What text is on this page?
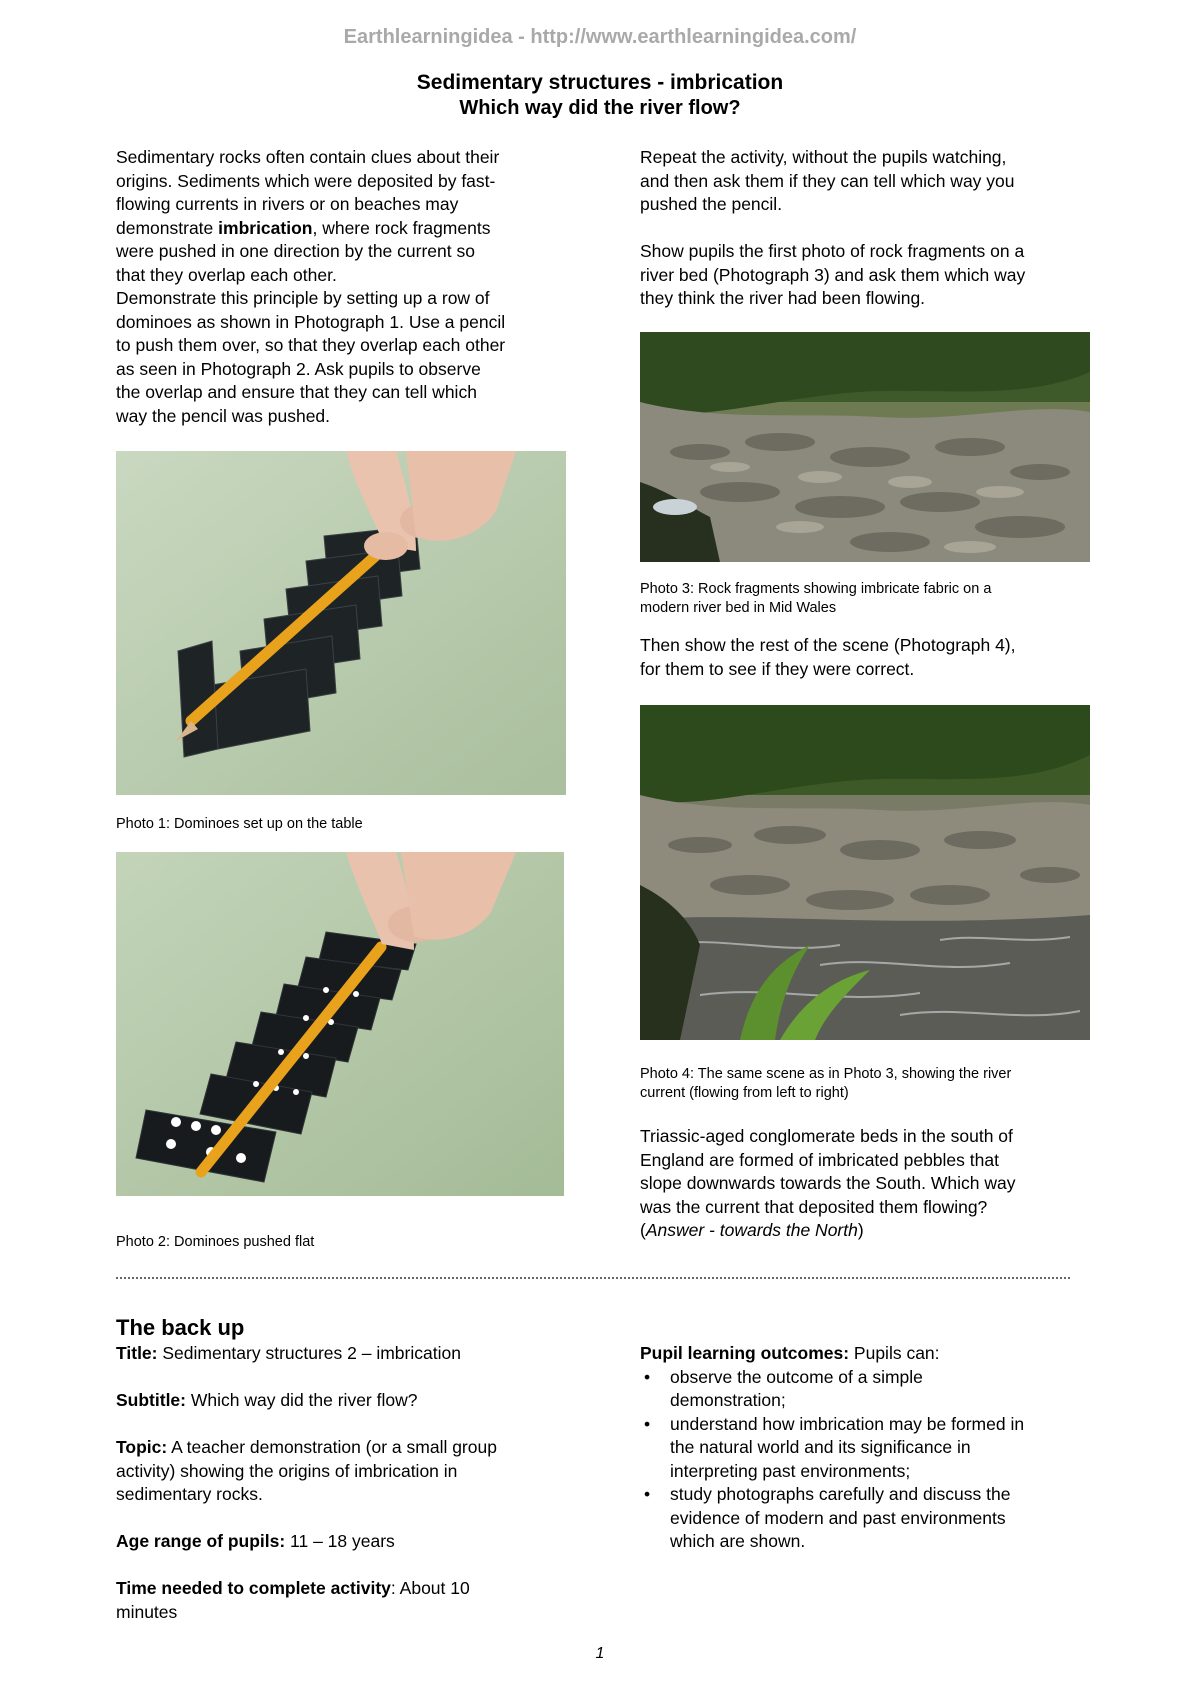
Earthlearningidea - http://www.earthlearningidea.com/
Sedimentary structures - imbrication
Which way did the river flow?

Sedimentary rocks often contain clues about their

origins. Sediments which were deposited by fast-

flowing currents in rivers or on beaches may

demonstrate imbrication, where rock fragments

were pushed in one direction by the current so

that they overlap each other.

Demonstrate this principle by setting up a row of

dominoes as shown in Photograph 1. Use a pencil

to push them over, so that they overlap each other

as seen in Photograph 2. Ask pupils to observe

the overlap and ensure that they can tell which

way the pencil was pushed.

Photo 1: Dominoes set up on the table
Photo 2: Dominoes pushed flat

Repeat the activity, without the pupils watching,

and then ask them if they can tell which way you

pushed the pencil.

Show pupils the first photo of rock fragments on a

river bed (Photograph 3) and ask them which way

they think the river had been flowing.

Photo 3: Rock fragments showing imbricate fabric on a
modern river bed in Mid Wales

Then show the rest of the scene (Photograph 4),

for them to see if they were correct.

Photo 4: The same scene as in Photo 3, showing the river
current (flowing from left to right)

Triassic-aged conglomerate beds in the south of

England are formed of imbricated pebbles that

slope downwards towards the South. Which way

was the current that deposited them flowing?

(Answer - towards the North)

The back up

Title: Sedimentary structures 2 – imbrication

Subtitle: Which way did the river flow?

Topic: A teacher demonstration (or a small group

activity) showing the origins of imbrication in

sedimentary rocks.

Age range of pupils: 11 – 18 years

Time needed to complete activity: About 10

minutes

Pupil learning outcomes: Pupils can:

• observe the outcome of a simple
demonstration;
• understand how imbrication may be formed in
the natural world and its significance in
interpreting past environments;
• study photographs carefully and discuss the
evidence of modern and past environments
which are shown.
1
